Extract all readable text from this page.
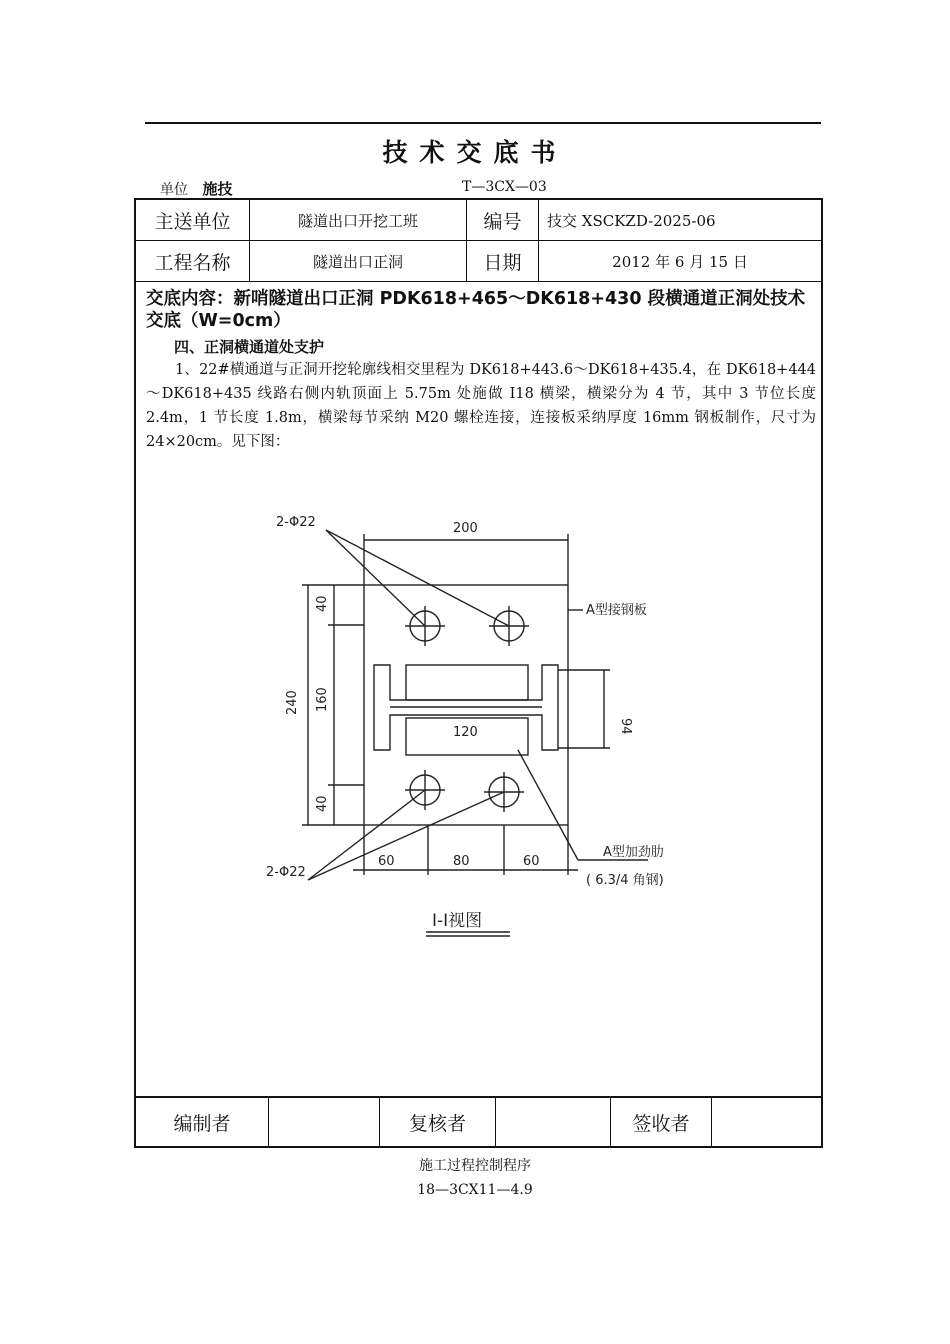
技术交底书
单位 施技	T—3CX—03
主送单位	隧道出口开挖工班	编号	技交 XSCKZD-2025-06
工程名称	隧道出口正洞	日期	2012 年 6 月 15 日
交底内容：新哨隧道出口正洞 PDK618+465～DK618+430 段横通道正洞处技术交底（W=0cm）
四、正洞横通道处支护
1、22#横通道与正洞开挖轮廓线相交里程为 DK618+443.6～DK618+435.4，在 DK618+444～DK618+435 线路右侧内轨顶面上 5.75m 处施做 I18 横梁，横梁分为 4 节，其中 3 节位长度 2.4m，1 节长度 1.8m，横梁每节采纳 M20 螺栓连接，连接板采纳厚度 16mm 钢板制作，尺寸为 24×20cm。见下图：
2-Φ22	200
A型接钢板
240
40
160
40
94
120
60	80	60
2-Φ22
A型加劲肋
( 6.3/4 角钢)
I-I视图
编制者	复核者	签收者
施工过程控制程序
18—3CX11—4.9
